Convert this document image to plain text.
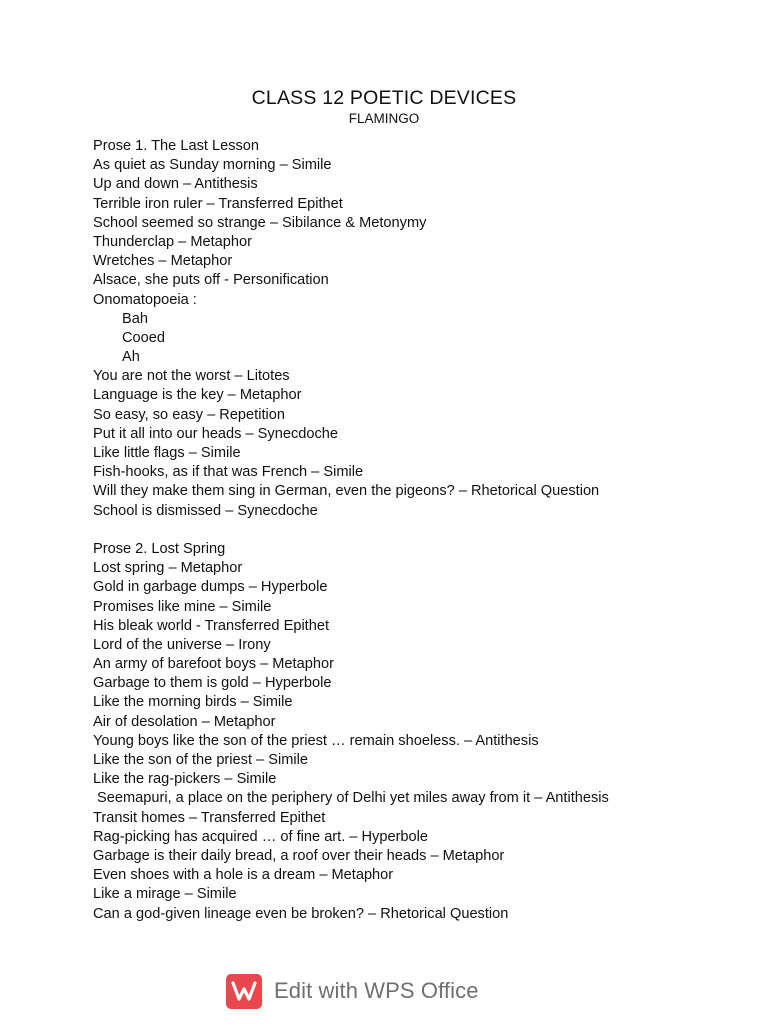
CLASS 12 POETIC DEVICES
FLAMINGO
Prose 1. The Last Lesson
As quiet as Sunday morning – Simile
Up and down – Antithesis
Terrible iron ruler – Transferred Epithet
School seemed so strange – Sibilance & Metonymy
Thunderclap – Metaphor
Wretches – Metaphor
Alsace, she puts off - Personification
Onomatopoeia :
Bah
Cooed
Ah
You are not the worst – Litotes
Language is the key – Metaphor
So easy, so easy – Repetition
Put it all into our heads – Synecdoche
Like little flags – Simile
Fish-hooks, as if that was French – Simile
Will they make them sing in German, even the pigeons? – Rhetorical Question
School is dismissed – Synecdoche
Prose 2. Lost Spring
Lost spring – Metaphor
Gold in garbage dumps – Hyperbole
Promises like mine – Simile
His bleak world - Transferred Epithet
Lord of the universe – Irony
An army of barefoot boys – Metaphor
Garbage to them is gold – Hyperbole
Like the morning birds – Simile
Air of desolation – Metaphor
Young boys like the son of the priest … remain shoeless. – Antithesis
Like the son of the priest – Simile
Like the rag-pickers – Simile
Seemapuri, a place on the periphery of Delhi yet miles away from it – Antithesis
Transit homes – Transferred Epithet
Rag-picking has acquired … of fine art. – Hyperbole
Garbage is their daily bread, a roof over their heads – Metaphor
Even shoes with a hole is a dream – Metaphor
Like a mirage – Simile
Can a god-given lineage even be broken? – Rhetorical Question
Edit with WPS Office
